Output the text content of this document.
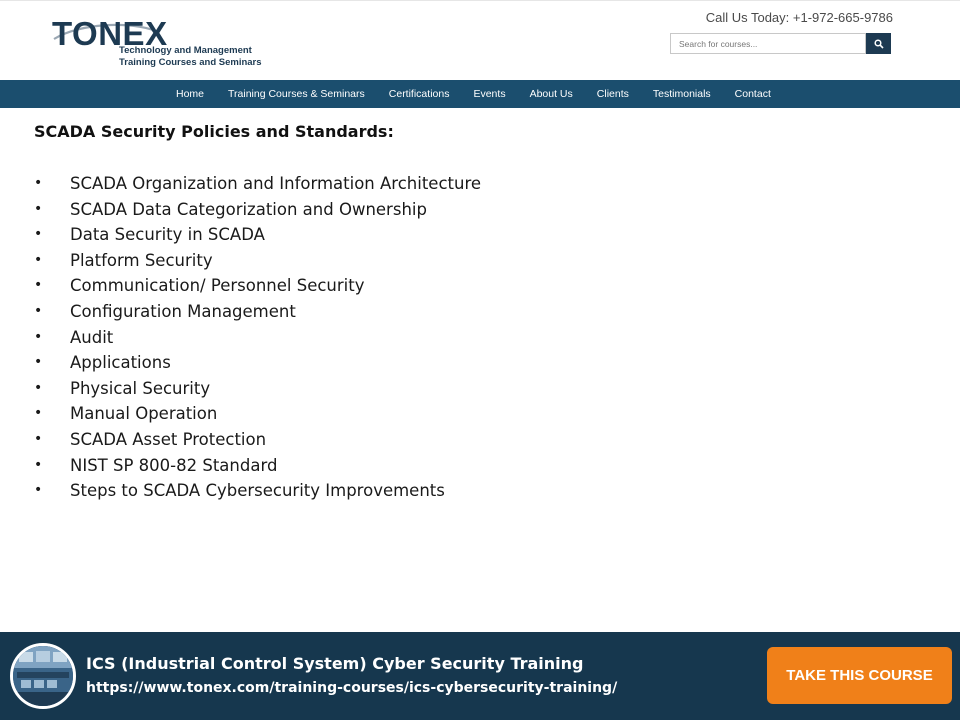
TONEX
Technology and Management
Training Courses and Seminars
Call Us Today: +1-972-665-9786
Search for courses...
Home	Training Courses & Seminars	Certifications	Events	About Us	Clients	Testimonials	Contact
SCADA Security Policies and Standards:
• SCADA Organization and Information Architecture
• SCADA Data Categorization and Ownership
• Data Security in SCADA
• Platform Security
• Communication/ Personnel Security
• Configuration Management
• Audit
• Applications
• Physical Security
• Manual Operation
• SCADA Asset Protection
• NIST SP 800-82 Standard
• Steps to SCADA Cybersecurity Improvements
ICS (Industrial Control System) Cyber Security Training
https://www.tonex.com/training-courses/ics-cybersecurity-training/
TAKE THIS COURSE
